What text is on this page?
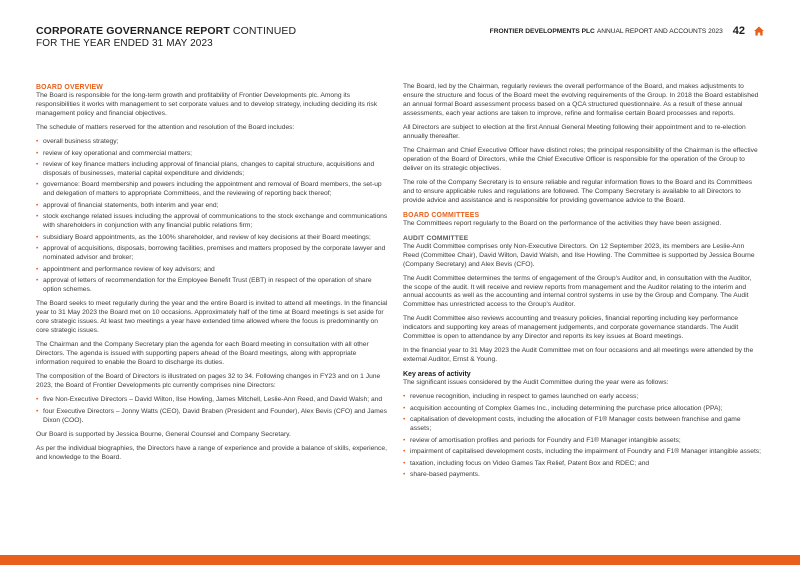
CORPORATE GOVERNANCE REPORT CONTINUED
FOR THE YEAR ENDED 31 MAY 2023
FRONTIER DEVELOPMENTS PLC ANNUAL REPORT AND ACCOUNTS 2023 42
BOARD OVERVIEW

The Board is responsible for the long-term growth and profitability of Frontier Developments plc. Among its responsibilities it works with management to set corporate values and to develop strategy, including deciding its risk management policy and financial objectives.

The schedule of matters reserved for the attention and resolution of the Board includes:

• overall business strategy;
• review of key operational and commercial matters;
• review of key finance matters including approval of financial plans, changes to capital structure, acquisitions and disposals of businesses, material capital expenditure and dividends;
• governance: Board membership and powers including the appointment and removal of Board members, the set-up and delegation of matters to appropriate Committees, and the reviewing of reporting back thereof;
• approval of financial statements, both interim and year end;
• stock exchange related issues including the approval of communications to the stock exchange and communications with shareholders in conjunction with any financial public relations firm;
• subsidiary Board appointments, as the 100% shareholder, and review of key decisions at their Board meetings;
• approval of acquisitions, disposals, borrowing facilities, premises and matters proposed by the corporate lawyer and nominated advisor and broker;
• appointment and performance review of key advisors; and
• approval of letters of recommendation for the Employee Benefit Trust (EBT) in respect of the operation of share option schemes.

The Board seeks to meet regularly during the year and the entire Board is invited to attend all meetings. In the financial year to 31 May 2023 the Board met on 10 occasions. Approximately half of the time at Board meetings is set aside for core strategic issues. At least two meetings a year have extended time allowed where the focus is predominantly on core strategic issues.

The Chairman and the Company Secretary plan the agenda for each Board meeting in consultation with all other Directors. The agenda is issued with supporting papers ahead of the Board meetings, along with appropriate information required to enable the Board to discharge its duties.

The composition of the Board of Directors is illustrated on pages 32 to 34. Following changes in FY23 and on 1 June 2023, the Board of Frontier Developments plc currently comprises nine Directors:

• five Non-Executive Directors – David Wilton, Ilse Howling, James Mitchell, Leslie-Ann Reed, and David Walsh; and
• four Executive Directors – Jonny Watts (CEO), David Braben (President and Founder), Alex Bevis (CFO) and James Dixon (COO).

Our Board is supported by Jessica Bourne, General Counsel and Company Secretary.

As per the individual biographies, the Directors have a range of experience and provide a balance of skills, experience, and knowledge to the Board.

The Board, led by the Chairman, regularly reviews the overall performance of the Board, and makes adjustments to ensure the structure and focus of the Board meet the evolving requirements of the Group. In 2018 the Board established an annual formal Board assessment process based on a QCA structured questionnaire. As a result of these annual assessments, each year actions are taken to improve, refine and formalise certain Board processes and reports.

All Directors are subject to election at the first Annual General Meeting following their appointment and to re-election annually thereafter.

The Chairman and Chief Executive Officer have distinct roles; the principal responsibility of the Chairman is the effective operation of the Board of Directors, while the Chief Executive Officer is responsible for the operation of the Group to deliver on its strategic objectives.

The role of the Company Secretary is to ensure reliable and regular information flows to the Board and its Committees and to ensure applicable rules and regulations are followed. The Company Secretary is available to all Directors to provide advice and assistance and is responsible for providing governance advice to the Board.

BOARD COMMITTEES

The Committees report regularly to the Board on the performance of the activities they have been assigned.

AUDIT COMMITTEE

The Audit Committee comprises only Non-Executive Directors. On 12 September 2023, its members are Leslie-Ann Reed (Committee Chair), David Wilton, David Walsh, and Ilse Howling. The Committee is supported by Jessica Bourne (Company Secretary) and Alex Bevis (CFO).

The Audit Committee determines the terms of engagement of the Group's Auditor and, in consultation with the Auditor, the scope of the audit. It will receive and review reports from management and the Auditor relating to the interim and annual accounts as well as the accounting and internal control systems in use by the Group and Company. The Audit Committee has unrestricted access to the Group's Auditor.

The Audit Committee also reviews accounting and treasury policies, financial reporting including key performance indicators and supporting key areas of management judgements, and corporate governance standards. The Audit Committee is open to attendance by any Director and reports its key issues at Board meetings.

In the financial year to 31 May 2023 the Audit Committee met on four occasions and all meetings were attended by the external Auditor, Ernst & Young.

Key areas of activity

The significant issues considered by the Audit Committee during the year were as follows:

• revenue recognition, including in respect to games launched on early access;
• acquisition accounting of Complex Games Inc., including determining the purchase price allocation (PPA);
• capitalisation of development costs, including the allocation of F1® Manager costs between franchise and game assets;
• review of amortisation profiles and periods for Foundry and F1® Manager intangible assets;
• impairment of capitalised development costs, including the impairment of Foundry and F1® Manager intangible assets;
• taxation, including focus on Video Games Tax Relief, Patent Box and RDEC; and
• share-based payments.
